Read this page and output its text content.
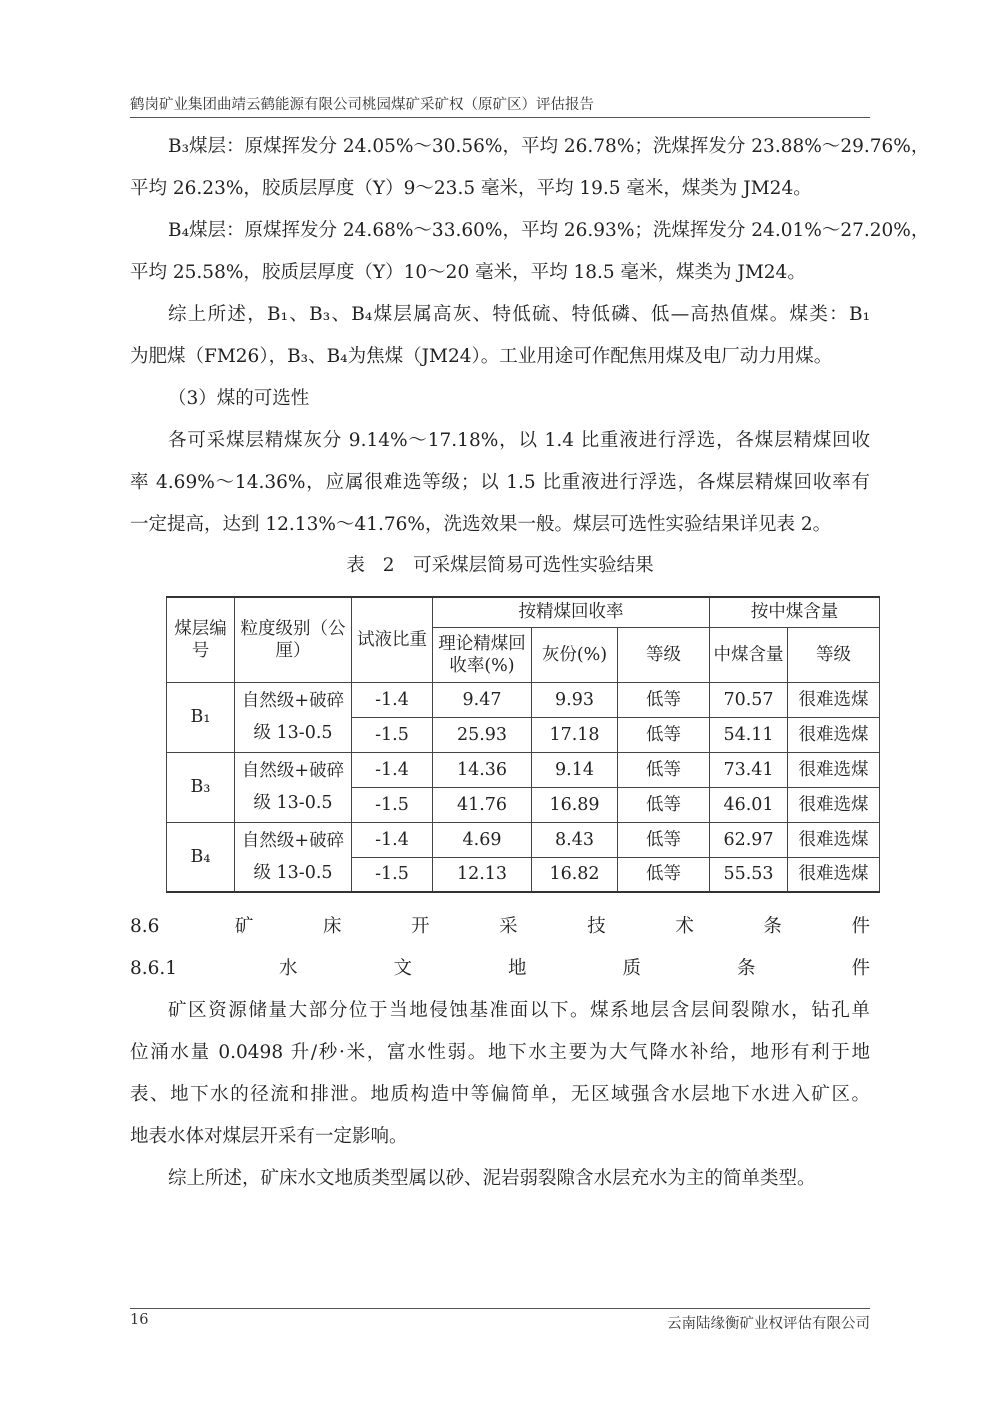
鹤岗矿业集团曲靖云鹤能源有限公司桃园煤矿采矿权（原矿区）评估报告
B₃煤层：原煤挥发分 24.05%～30.56%，平均 26.78%；洗煤挥发分 23.88%～29.76%，
平均 26.23%，胶质层厚度（Y）9～23.5 毫米，平均 19.5 毫米，煤类为 JM24。
B₄煤层：原煤挥发分 24.68%～33.60%，平均 26.93%；洗煤挥发分 24.01%～27.20%，
平均 25.58%，胶质层厚度（Y）10～20 毫米，平均 18.5 毫米，煤类为 JM24。
综上所述，B₁、B₃、B₄煤层属高灰、特低硫、特低磷、低—高热值煤。煤类：B₁
为肥煤（FM26），B₃、B₄为焦煤（JM24）。工业用途可作配焦用煤及电厂动力用煤。
（3）煤的可选性
各可采煤层精煤灰分 9.14%～17.18%，以 1.4 比重液进行浮选，各煤层精煤回收
率 4.69%～14.36%，应属很难选等级；以 1.5 比重液进行浮选，各煤层精煤回收率有
一定提高，达到 12.13%～41.76%，洗选效果一般。煤层可选性实验结果详见表 2。
表 2　可采煤层简易可选性实验结果
煤层编号	粒度级别（公厘）	试液比重	按精煤回收率			按中煤含量	
			理论精煤回收率(%)	灰份(%)	等级	中煤含量	等级
B₁	自然级+破碎
级 13-0.5	-1.4	9.47	9.93	低等	70.57	很难选煤
		-1.5	25.93	17.18	低等	54.11	很难选煤
B₃	自然级+破碎
级 13-0.5	-1.4	14.36	9.14	低等	73.41	很难选煤
		-1.5	41.76	16.89	低等	46.01	很难选煤
B₄	自然级+破碎
级 13-0.5	-1.4	4.69	8.43	低等	62.97	很难选煤
		-1.5	12.13	16.82	低等	55.53	很难选煤
8.6 矿床开采技术条件
8.6.1 水文地质条件
矿区资源储量大部分位于当地侵蚀基准面以下。煤系地层含层间裂隙水，钻孔单
位涌水量 0.0498 升/秒·米，富水性弱。地下水主要为大气降水补给，地形有利于地
表、地下水的径流和排泄。地质构造中等偏简单，无区域强含水层地下水进入矿区。
地表水体对煤层开采有一定影响。
综上所述，矿床水文地质类型属以砂、泥岩弱裂隙含水层充水为主的简单类型。
16	云南陆缘衡矿业权评估有限公司
